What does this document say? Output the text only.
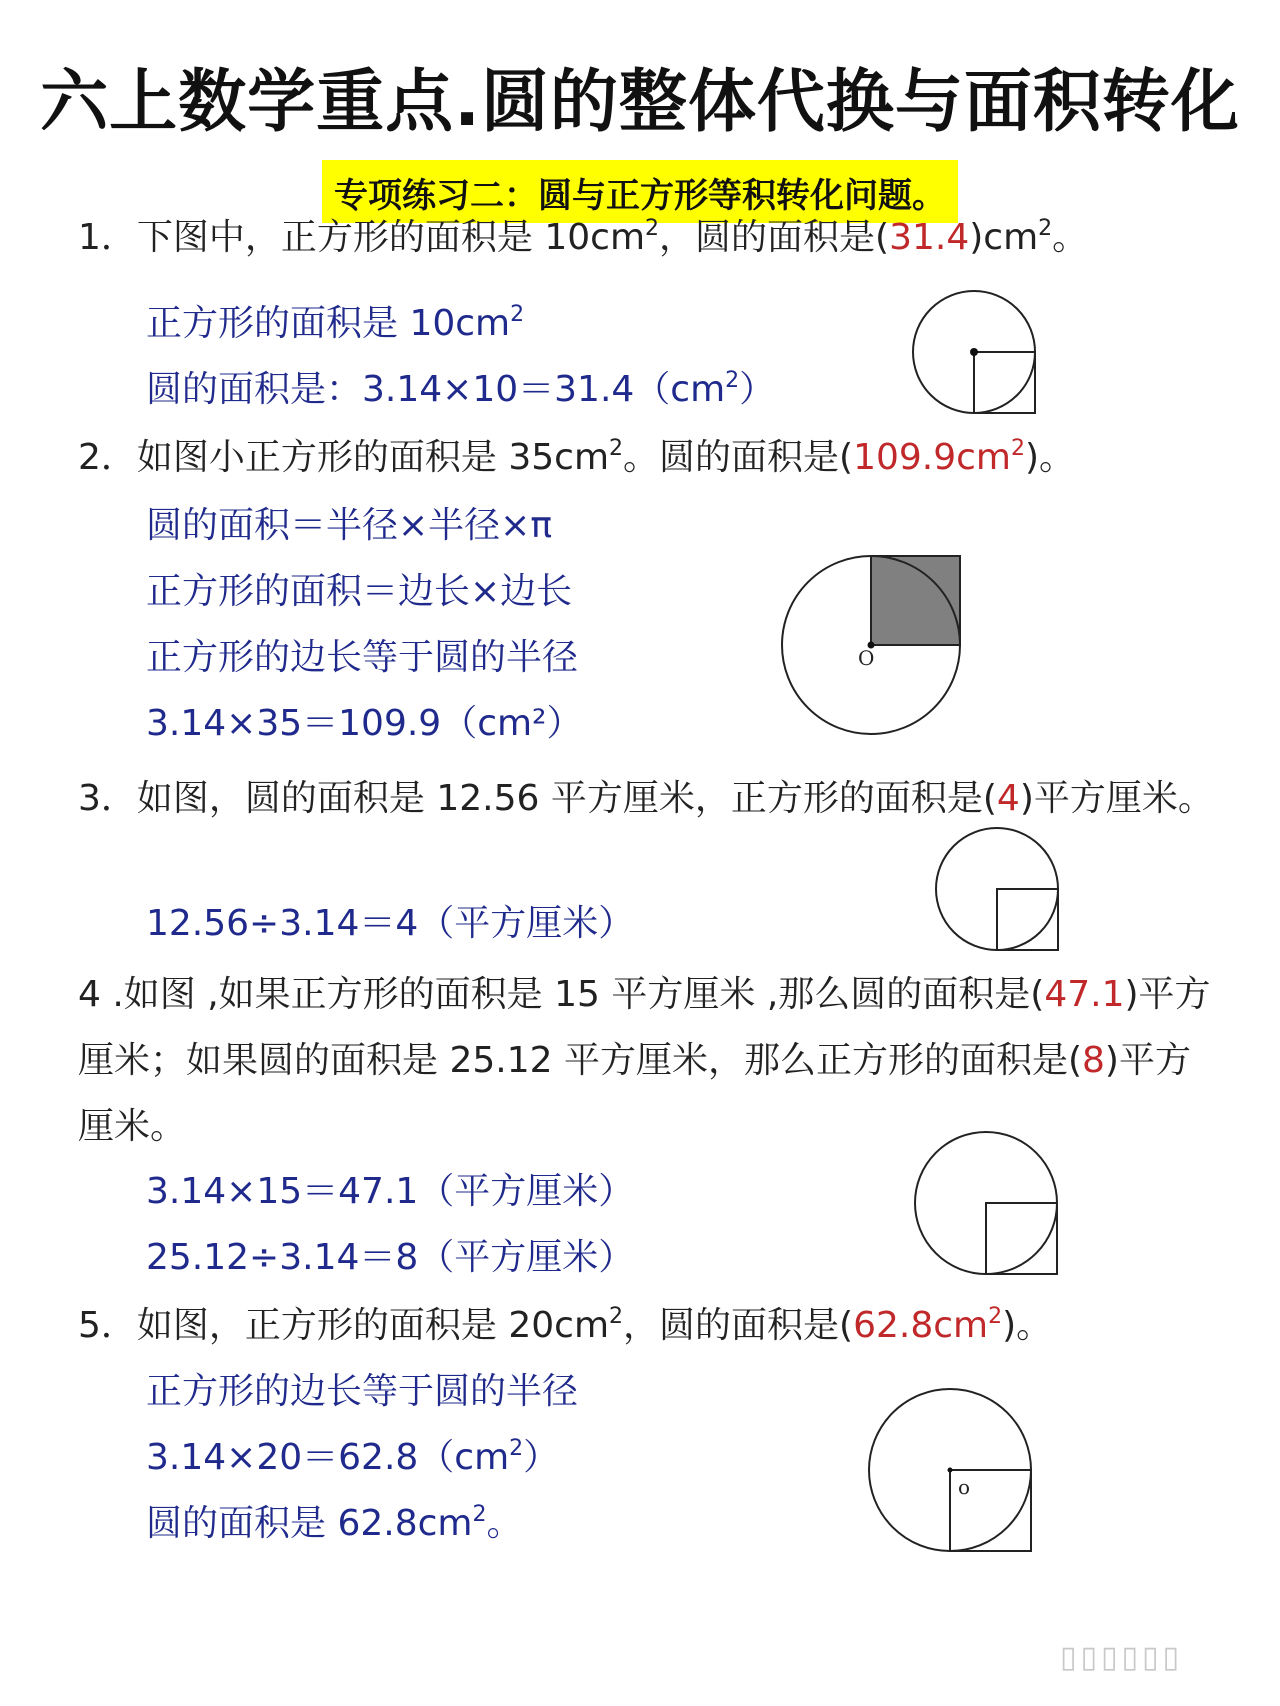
六上数学重点.圆的整体代换与面积转化
专项练习二：圆与正方形等积转化问题。
1．下图中，正方形的面积是 $10cm^2$，圆的面积是$(31.4)cm^2$。
正方形的面积是 $10cm^2$
圆的面积是：$3.14\times 10=31.4(cm^2)$
2．如图小正方形的面积是 $35cm^2$。圆的面积是$(109.9cm^2)$。
圆的面积＝半径×半径×π
正方形的面积＝边长×边长
正方形的边长等于圆的半径
3.14×35＝109.9（cm²）
O
3．如图，圆的面积是 12.56 平方厘米，正方形的面积是(4)平方厘米。
12.56÷3.14＝4（平方厘米）
4 .如图 ,如果正方形的面积是 15 平方厘米 ,那么圆的面积是(47.1)平方厘米；如果圆的面积是 25.12 平方厘米，那么正方形的面积是(8)平方厘米。
3.14×15＝47.1（平方厘米）
25.12÷3.14＝8（平方厘米）
5．如图，正方形的面积是 $20cm^2$，圆的面积是$(62.8cm^2)$。
正方形的边长等于圆的半径
$3.14\times 20=62.8(cm^2)$
圆的面积是 $62.8cm^2$。
o
▯▯▯▯▯▯
